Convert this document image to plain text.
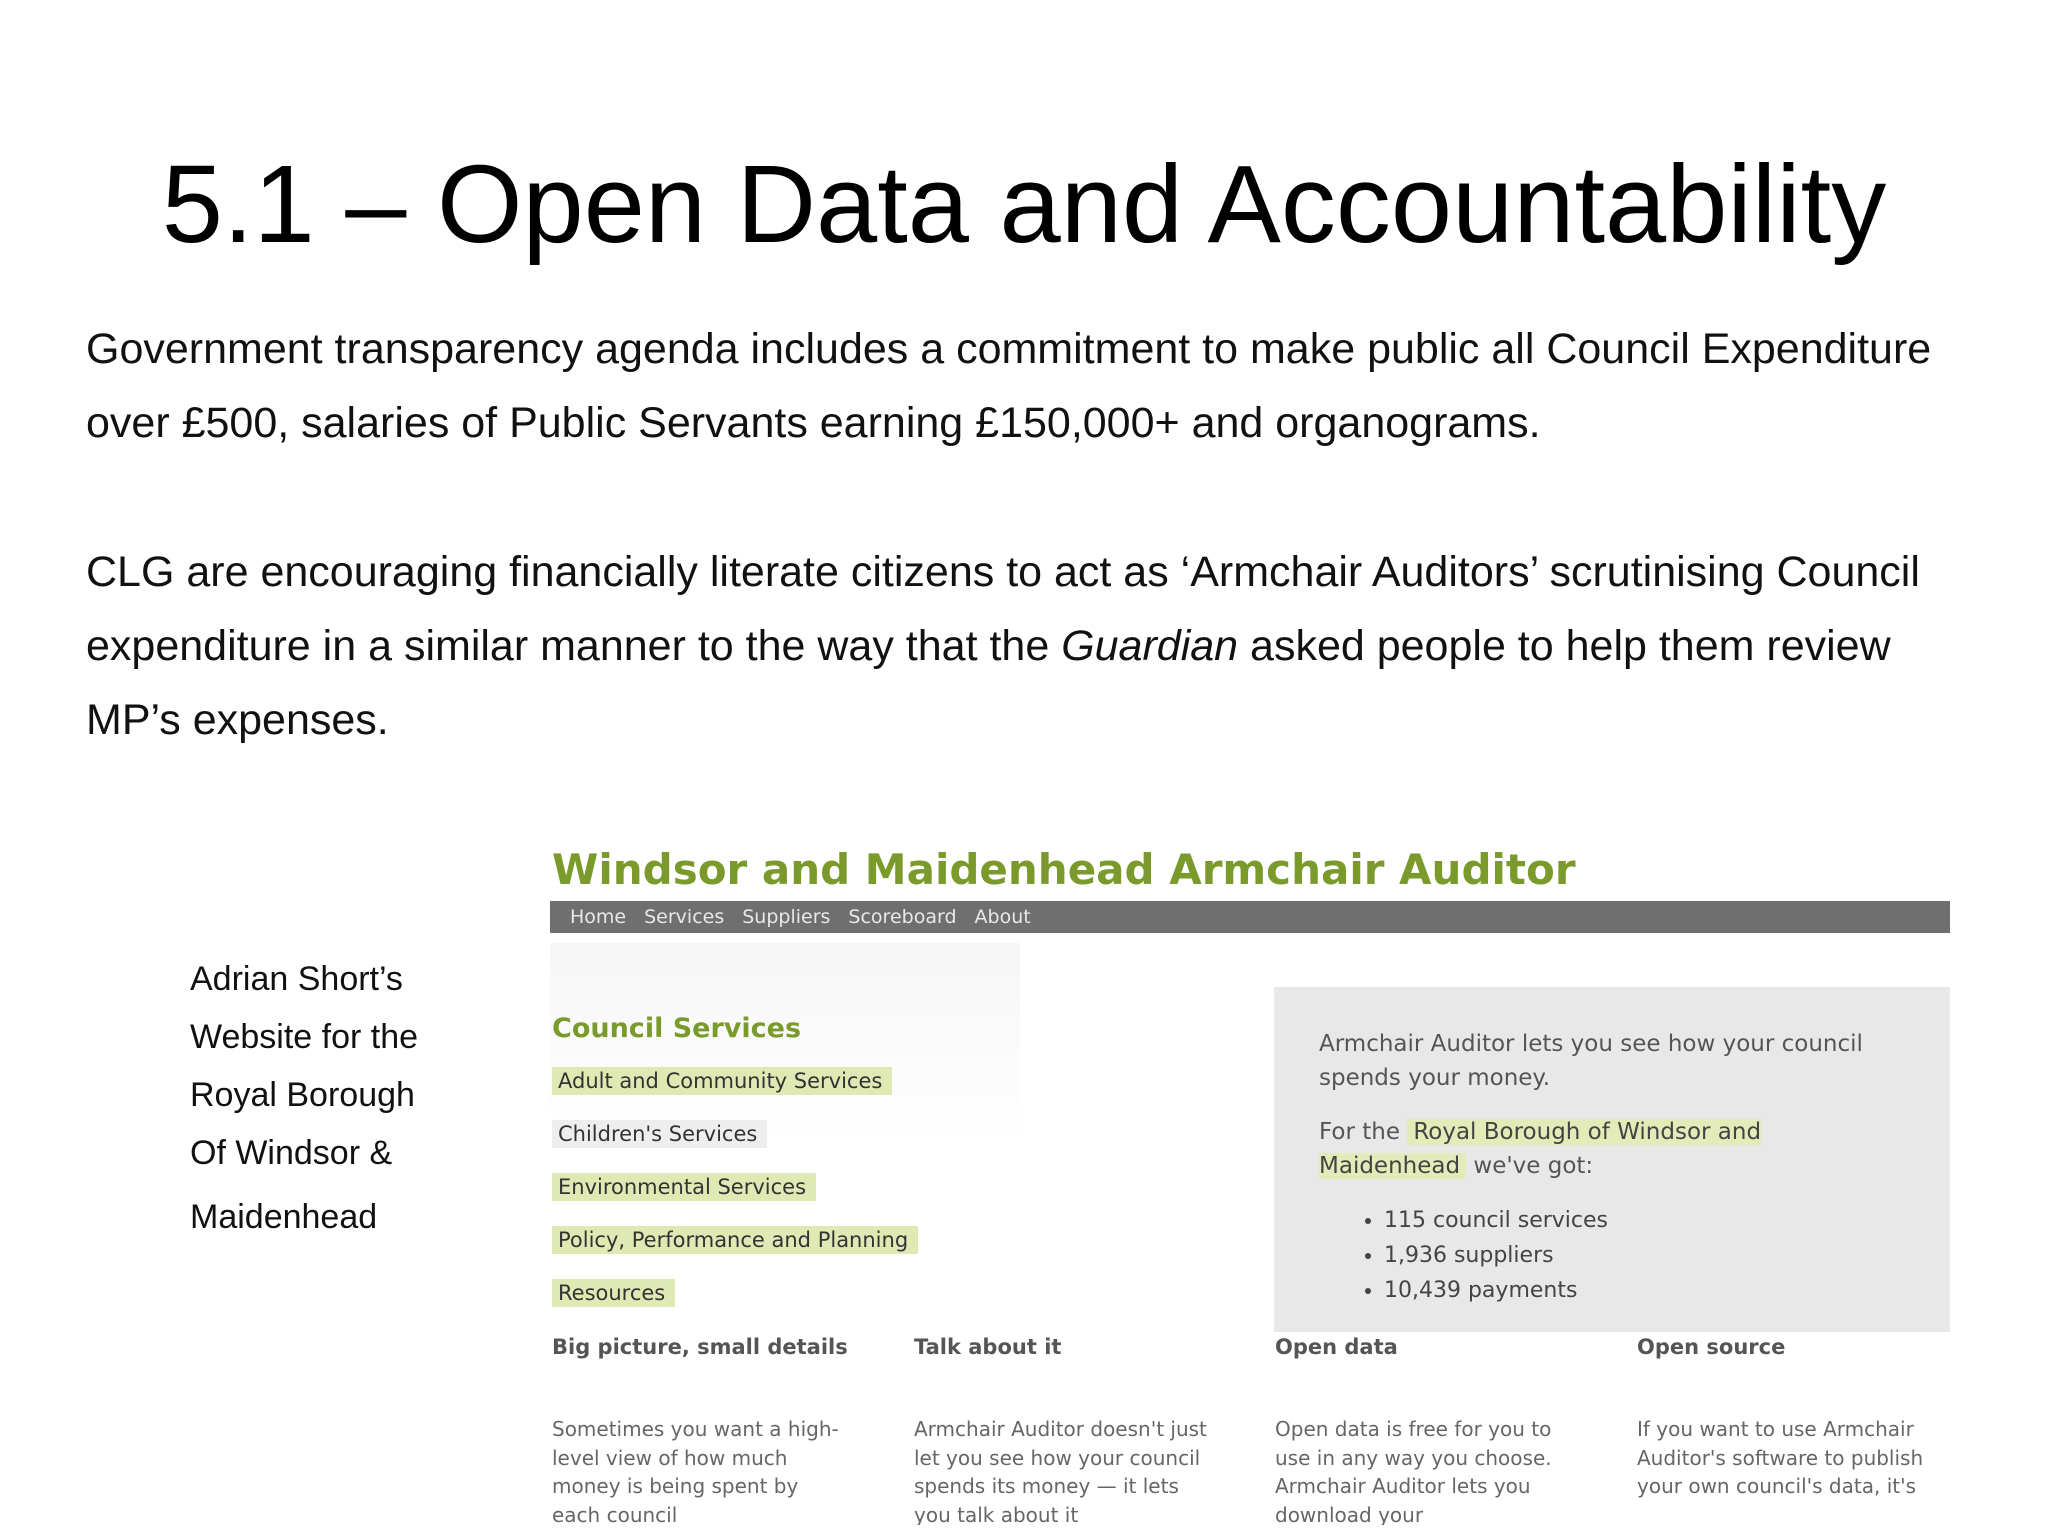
5.1 – Open Data and Accountability

Government transparency agenda includes a commitment to make public all Council Expenditure over £500, salaries of Public Servants earning £150,000+ and organograms.

CLG are encouraging financially literate citizens to act as ‘Armchair Auditors’ scrutinising Council expenditure in a similar manner to the way that the Guardian asked people to help them review MP’s expenses.

Adrian Short’s
Website for the
Royal Borough
Of Windsor &
Maidenhead
Windsor and Maidenhead Armchair Auditor
Home Services Suppliers Scoreboard About
Council Services
Adult and Community Services
Children's Services
Environmental Services
Policy, Performance and Planning
Resources

Armchair Auditor lets you see how your council spends your money.

For the Royal Borough of Windsor and Maidenhead we've got:

• 115 council services
• 1,936 suppliers
• 10,439 payments
Big picture, small details
Sometimes you want a high-level view of how much money is being spent by each council
Talk about it
Armchair Auditor doesn't just let you see how your council spends its money — it lets you talk about it
Open data
Open data is free for you to use in any way you choose. Armchair Auditor lets you download your
Open source
If you want to use Armchair Auditor's software to publish your own council's data, it's
